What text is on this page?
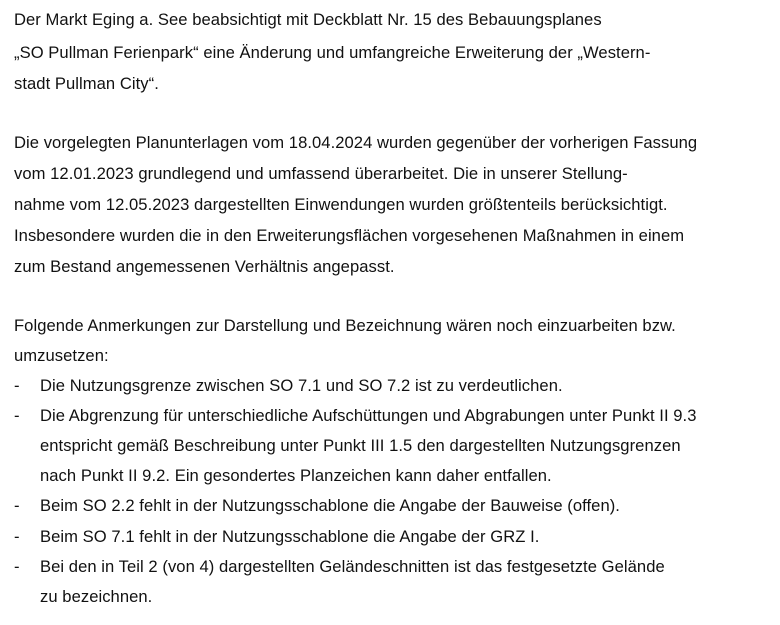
Der Markt Eging a. See beabsichtigt mit Deckblatt Nr. 15 des Bebauungsplanes
„SO Pullman Ferienpark“ eine Änderung und umfangreiche Erweiterung der „Western-
stadt Pullman City“.
Die vorgelegten Planunterlagen vom 18.04.2024 wurden gegenüber der vorherigen Fassung
vom 12.01.2023 grundlegend und umfassend überarbeitet. Die in unserer Stellung-
nahme vom 12.05.2023 dargestellten Einwendungen wurden größtenteils berücksichtigt.
Insbesondere wurden die in den Erweiterungsflächen vorgesehenen Maßnahmen in einem
zum Bestand angemessenen Verhältnis angepasst.
Folgende Anmerkungen zur Darstellung und Bezeichnung wären noch einzuarbeiten bzw.
umzusetzen:
- Die Nutzungsgrenze zwischen SO 7.1 und SO 7.2 ist zu verdeutlichen.
- Die Abgrenzung für unterschiedliche Aufschüttungen und Abgrabungen unter Punkt II 9.3
entspricht gemäß Beschreibung unter Punkt III 1.5 den dargestellten Nutzungsgrenzen
nach Punkt II 9.2. Ein gesondertes Planzeichen kann daher entfallen.
- Beim SO 2.2 fehlt in der Nutzungsschablone die Angabe der Bauweise (offen).
- Beim SO 7.1 fehlt in der Nutzungsschablone die Angabe der GRZ I.
- Bei den in Teil 2 (von 4) dargestellten Geländeschnitten ist das festgesetzte Gelände
zu bezeichnen.
